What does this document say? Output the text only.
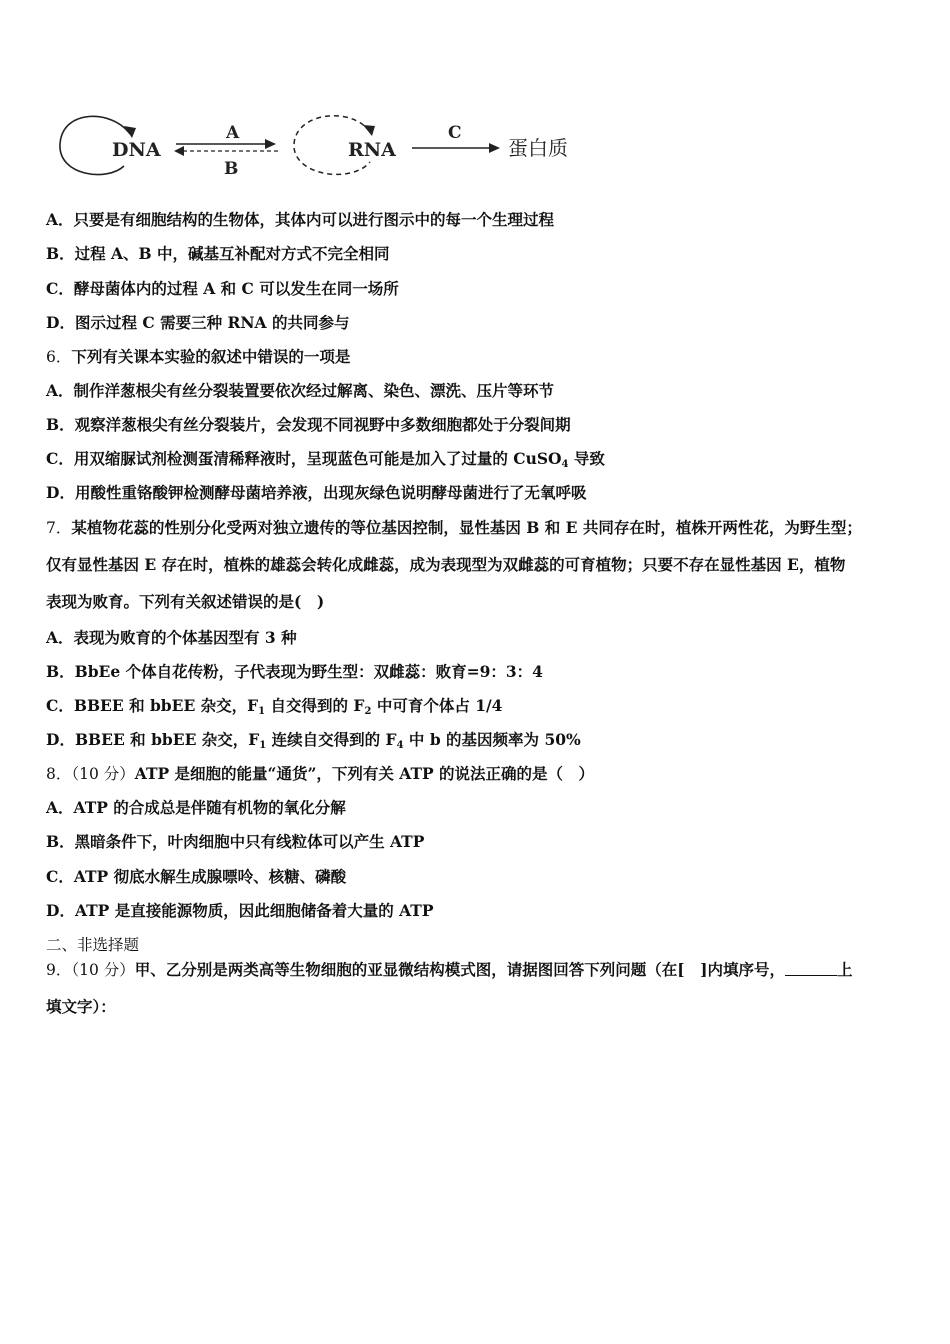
DNA
A
B
RNA
C
蛋白质
A．只要是有细胞结构的生物体，其体内可以进行图示中的每一个生理过程
B．过程 A、B 中，碱基互补配对方式不完全相同
C．酵母菌体内的过程 A 和 C 可以发生在同一场所
D．图示过程 C 需要三种 RNA 的共同参与
6．下列有关课本实验的叙述中错误的一项是
A．制作洋葱根尖有丝分裂装置要依次经过解离、染色、漂洗、压片等环节
B．观察洋葱根尖有丝分裂装片，会发现不同视野中多数细胞都处于分裂间期
C．用双缩脲试剂检测蛋清稀释液时，呈现蓝色可能是加入了过量的 CuSO$_4$ 导致
D．用酸性重铬酸钾检测酵母菌培养液，出现灰绿色说明酵母菌进行了无氧呼吸
7．某植物花蕊的性别分化受两对独立遗传的等位基因控制，显性基因 B 和 E 共同存在时，植株开两性花，为野生型；
仅有显性基因 E 存在时，植株的雄蕊会转化成雌蕊，成为表现型为双雌蕊的可育植物；只要不存在显性基因 E，植物
表现为败育。下列有关叙述错误的是(　)
A．表现为败育的个体基因型有 3 种
B．BbEe 个体自花传粉，子代表现为野生型：双雌蕊：败育=9：3：4
C．BBEE 和 bbEE 杂交，$F_1$ 自交得到的 $F_2$ 中可育个体占 1/4
D．BBEE 和 bbEE 杂交，$F_1$ 连续自交得到的 $F_4$ 中 b 的基因频率为 50%
8．（10 分）ATP 是细胞的能量“通货”，下列有关 ATP 的说法正确的是（　）
A．ATP 的合成总是伴随有机物的氧化分解
B．黑暗条件下，叶肉细胞中只有线粒体可以产生 ATP
C．ATP 彻底水解生成腺嘌呤、核糖、磷酸
D．ATP 是直接能源物质，因此细胞储备着大量的 ATP
二、非选择题
9．（10 分）甲、乙分别是两类高等生物细胞的亚显微结构模式图，请据图回答下列问题（在[　]内填序号，	上
填文字）：
